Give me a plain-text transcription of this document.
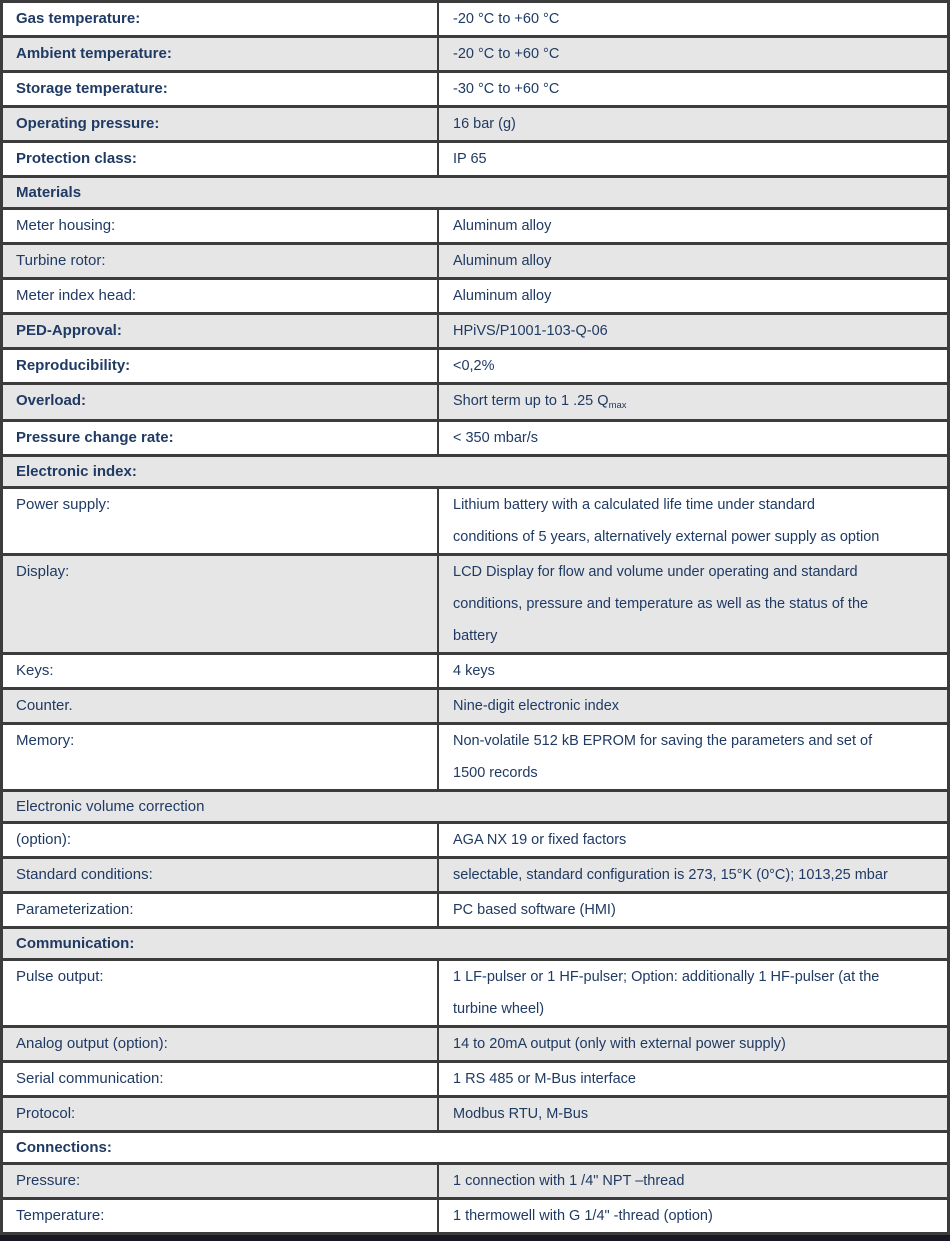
Gas temperature:	-20 °C to +60 °C
Ambient temperature:	-20 °C to +60 °C
Storage temperature:	-30 °C to +60 °C
Operating pressure:	16 bar (g)
Protection class:	IP 65
Materials
Meter housing:	Aluminum alloy
Turbine rotor:	Aluminum alloy
Meter index head:	Aluminum alloy
PED-Approval:	HPiVS/P1001-103-Q-06
Reproducibility:	<0,2%
Overload:	Short term up to 1 .25 $Q_{max}$
Pressure change rate:	< 350 mbar/s
Electronic index:
Power supply:	Lithium battery with a calculated life time under standard
conditions of 5 years, alternatively external power supply as option
Display:	LCD Display for flow and volume under operating and standard
conditions, pressure and temperature as well as the status of the
battery
Keys:	4 keys
Counter.	Nine-digit electronic index
Memory:	Non-volatile 512 kB EPROM for saving the parameters and set of
1500 records
Electronic volume correction
(option):	AGA NX 19 or fixed factors
Standard conditions:	selectable, standard configuration is 273, 15°K (0°C); 1013,25 mbar
Parameterization:	PC based software (HMI)
Communication:
Pulse output:	1 LF-pulser or 1 HF-pulser; Option: additionally 1 HF-pulser (at the
turbine wheel)
Analog output (option):	14 to 20mA output (only with external power supply)
Serial communication:	1 RS 485 or M-Bus interface
Protocol:	Modbus RTU, M-Bus
Connections:
Pressure:	1 connection with 1 /4" NPT –thread
Temperature:	1 thermowell with G 1/4" -thread (option)
